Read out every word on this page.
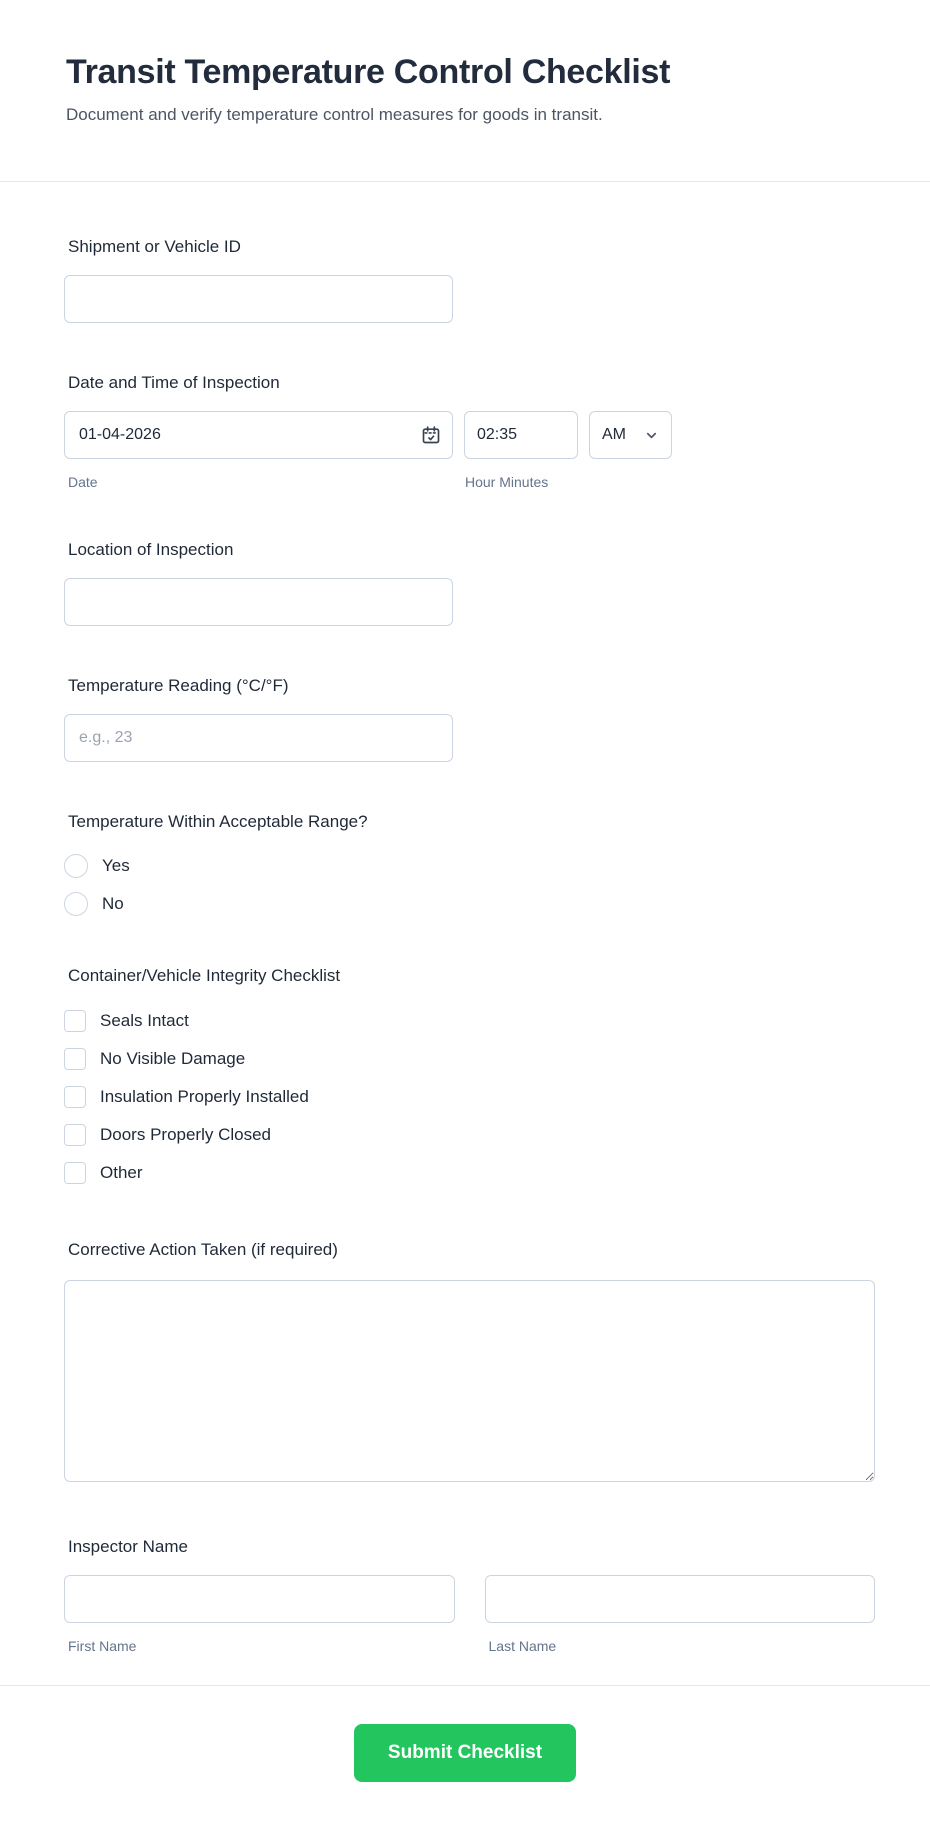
Transit Temperature Control Checklist

Document and verify temperature control measures for goods in transit.

Shipment or Vehicle ID
Date and Time of Inspection
01-04-2026
02:35
AM
Date	Hour Minutes
Location of Inspection
Temperature Reading (°C/°F)
e.g., 23
Temperature Within Acceptable Range?
Yes
No
Container/Vehicle Integrity Checklist
Seals Intact
No Visible Damage
Insulation Properly Installed
Doors Properly Closed
Other
Corrective Action Taken (if required)
Inspector Name
First Name	Last Name
Submit Checklist
